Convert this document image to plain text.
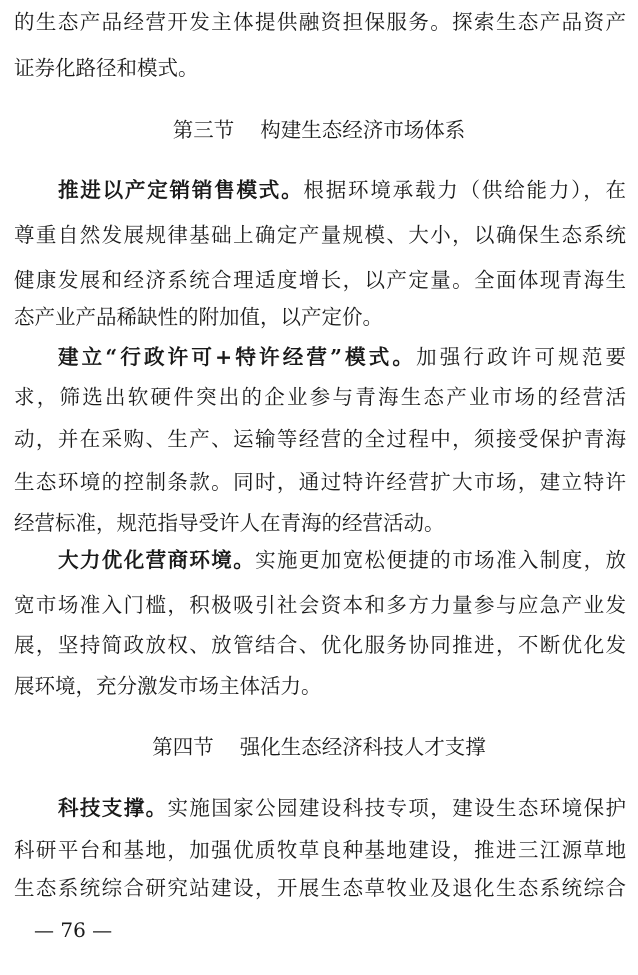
的生态产品经营开发主体提供融资担保服务。探索生态产品资产
证券化路径和模式。
第三节 构建生态经济市场体系
推进以产定销销售模式。根据环境承载力（供给能力），在
尊重自然发展规律基础上确定产量规模、大小，以确保生态系统
健康发展和经济系统合理适度增长，以产定量。全面体现青海生
态产业产品稀缺性的附加值，以产定价。
建立“行政许可+特许经营”模式。加强行政许可规范要
求，筛选出软硬件突出的企业参与青海生态产业市场的经营活
动，并在采购、生产、运输等经营的全过程中，须接受保护青海
生态环境的控制条款。同时，通过特许经营扩大市场，建立特许
经营标准，规范指导受许人在青海的经营活动。
大力优化营商环境。实施更加宽松便捷的市场准入制度，放
宽市场准入门槛，积极吸引社会资本和多方力量参与应急产业发
展，坚持简政放权、放管结合、优化服务协同推进，不断优化发
展环境，充分激发市场主体活力。
第四节 强化生态经济科技人才支撑
科技支撑。实施国家公园建设科技专项，建设生态环境保护
科研平台和基地，加强优质牧草良种基地建设，推进三江源草地
生态系统综合研究站建设，开展生态草牧业及退化生态系统综合
— 76 —
